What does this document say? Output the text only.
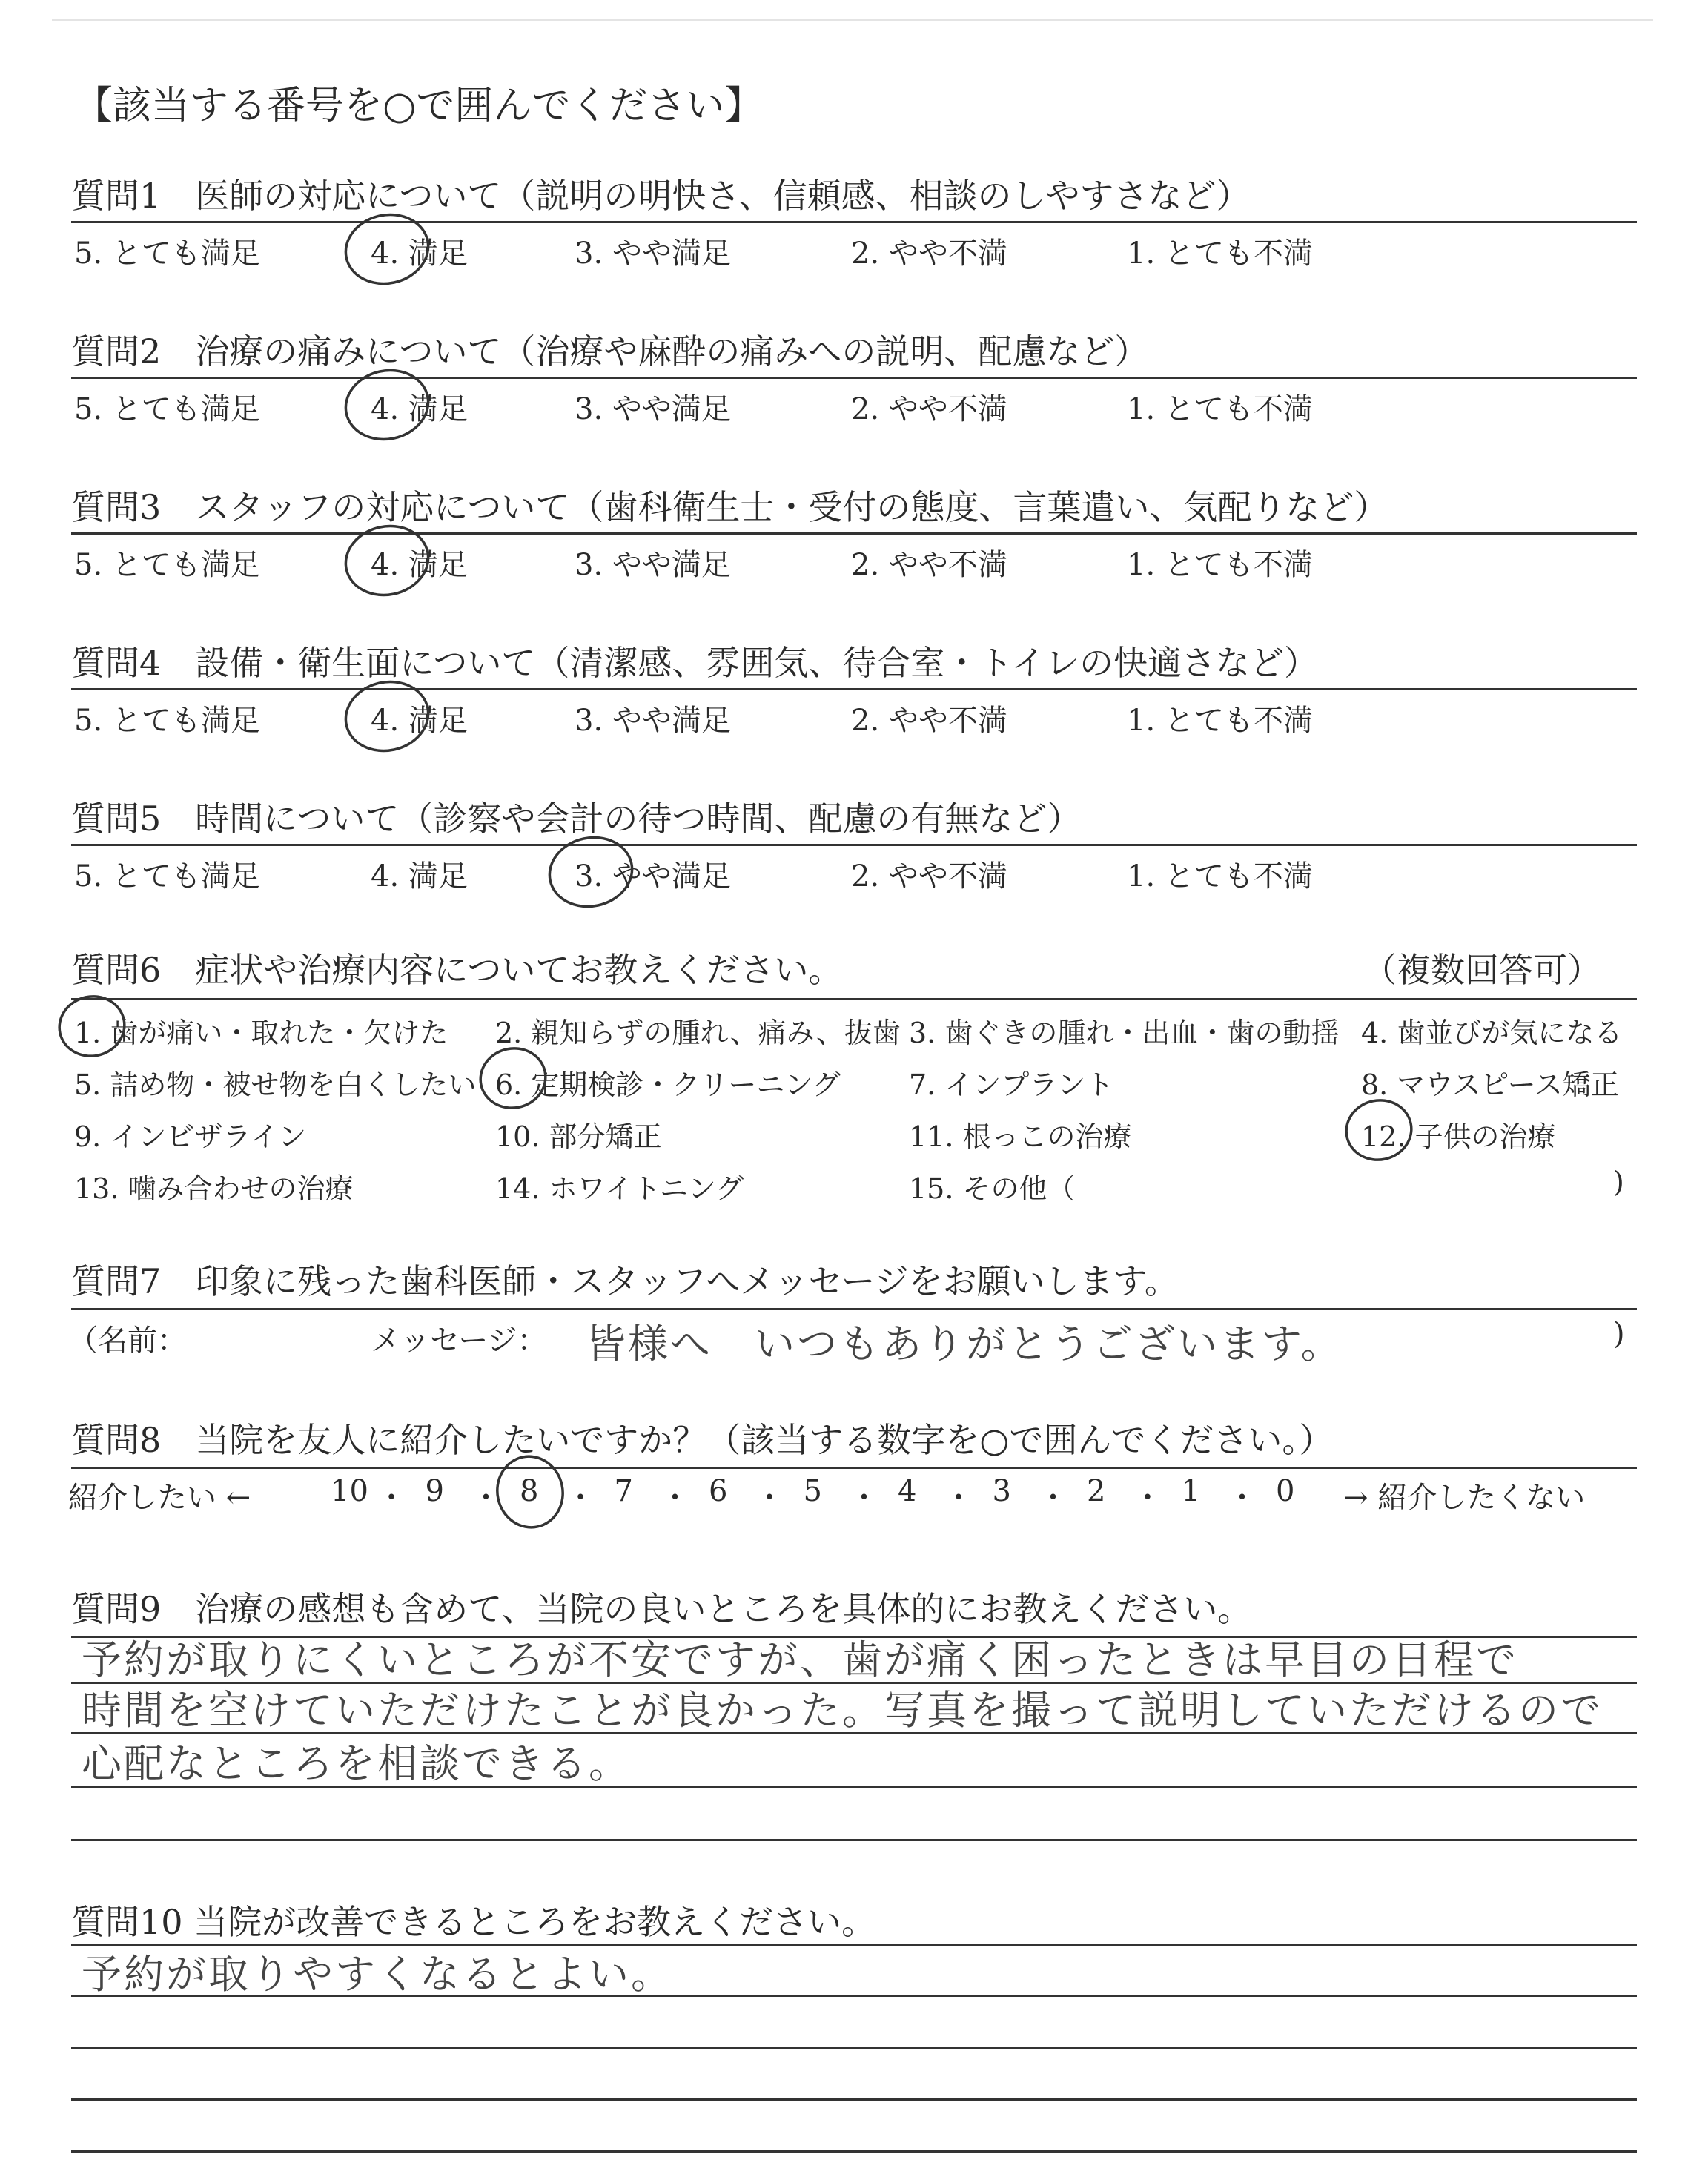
【該当する番号を○で囲んでください】
質問1　医師の対応について（説明の明快さ、信頼感、相談のしやすさなど）
5. とても満足	4. 満足	3. やや満足	2. やや不満	1. とても不満
質問2　治療の痛みについて（治療や麻酔の痛みへの説明、配慮など）
5. とても満足	4. 満足	3. やや満足	2. やや不満	1. とても不満
質問3　スタッフの対応について（歯科衛生士・受付の態度、言葉遣い、気配りなど）
5. とても満足	4. 満足	3. やや満足	2. やや不満	1. とても不満
質問4　設備・衛生面について（清潔感、雰囲気、待合室・トイレの快適さなど）
5. とても満足	4. 満足	3. やや満足	2. やや不満	1. とても不満
質問5　時間について（診察や会計の待つ時間、配慮の有無など）
5. とても満足	4. 満足	3. やや満足	2. やや不満	1. とても不満
質問6　症状や治療内容についてお教えください。	（複数回答可）
1. 歯が痛い・取れた・欠けた 2. 親知らずの腫れ、痛み、抜歯 3. 歯ぐきの腫れ・出血・歯の動揺 4. 歯並びが気になる
5. 詰め物・被せ物を白くしたい 6. 定期検診・クリーニング 7. インプラント	8. マウスピース矯正
9. インビザライン	10. 部分矯正	11. 根っこの治療	12. 子供の治療
13. 噛み合わせの治療	14. ホワイトニング	15. その他（	)
質問7　印象に残った歯科医師・スタッフへメッセージをお願いします。
（名前：	メッセージ： 皆様へ　いつもありがとうございます。	)
質問8　当院を友人に紹介したいですか？（該当する数字を○で囲んでください。）
紹介したい ←	→ 紹介したくない
10 ・ 9 ・ 8 ・ 7 ・ 6 ・ 5 ・ 4 ・ 3 ・ 2 ・ 1 ・ 0
質問9　治療の感想も含めて、当院の良いところを具体的にお教えください。
予約が取りにくいところが不安ですが、歯が痛く困ったときは早目の日程で
時間を空けていただけたことが良かった。写真を撮って説明していただけるので
心配なところを相談できる。
質問10 当院が改善できるところをお教えください。
予約が取りやすくなるとよい。
